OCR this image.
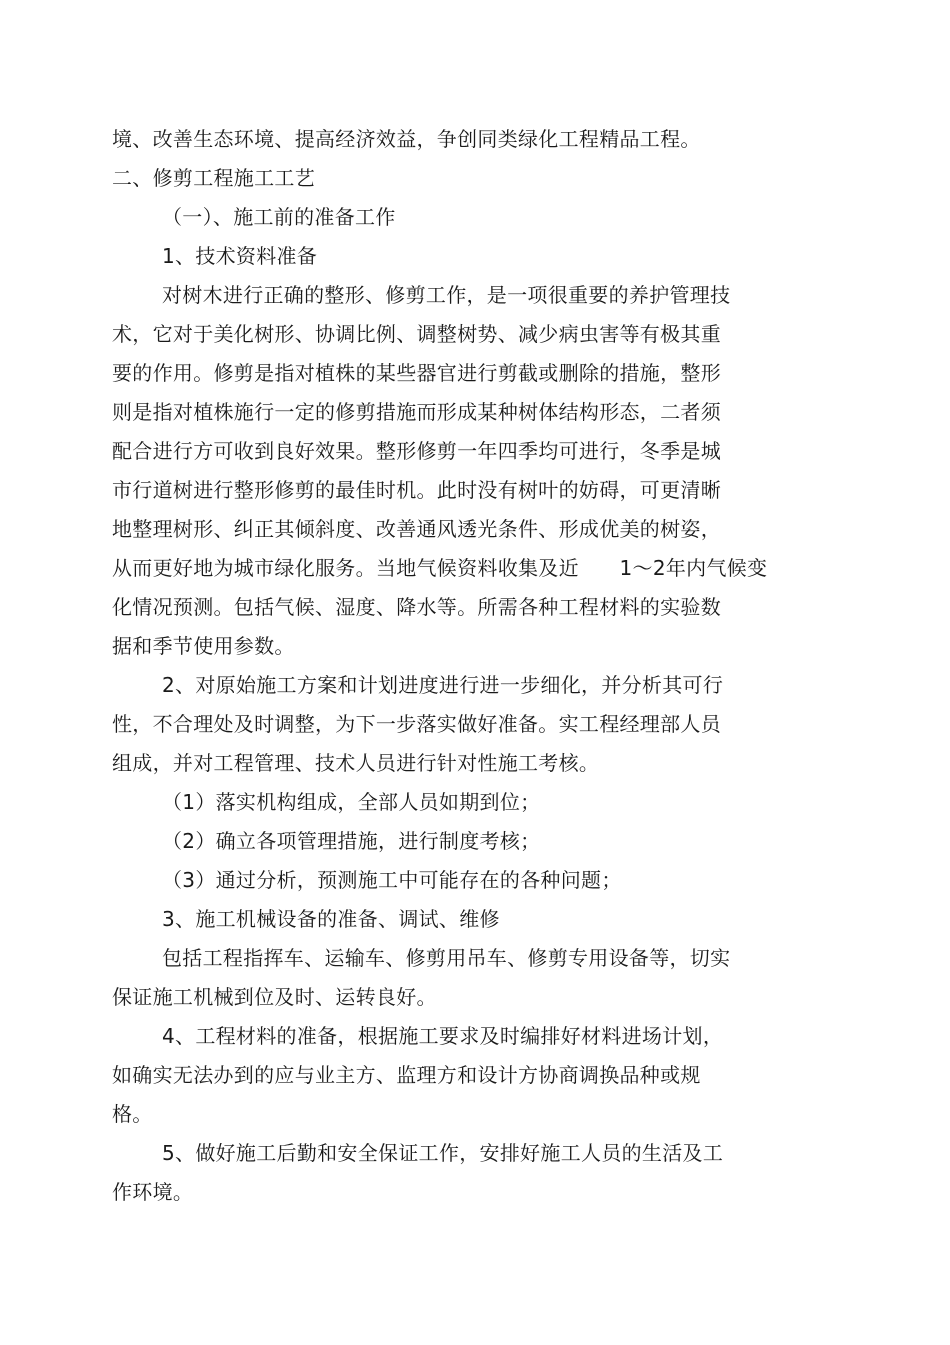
境、改善生态环境、提高经济效益，争创同类绿化工程精品工程。
二、修剪工程施工工艺
（一）、施工前的准备工作
1、技术资料准备
对树木进行正确的整形、修剪工作，是一项很重要的养护管理技
术，它对于美化树形、协调比例、调整树势、减少病虫害等有极其重
要的作用。修剪是指对植株的某些器官进行剪截或删除的措施，整形
则是指对植株施行一定的修剪措施而形成某种树体结构形态，二者须
配合进行方可收到良好效果。整形修剪一年四季均可进行，冬季是城
市行道树进行整形修剪的最佳时机。此时没有树叶的妨碍，可更清晰
地整理树形、纠正其倾斜度、改善通风透光条件、形成优美的树姿，
从而更好地为城市绿化服务。当地气候资料收集及近　　1～2年内气候变
化情况预测。包括气候、湿度、降水等。所需各种工程材料的实验数
据和季节使用参数。
2、对原始施工方案和计划进度进行进一步细化，并分析其可行
性，不合理处及时调整，为下一步落实做好准备。实工程经理部人员
组成，并对工程管理、技术人员进行针对性施工考核。
（1）落实机构组成，全部人员如期到位；
（2）确立各项管理措施，进行制度考核；
（3）通过分析，预测施工中可能存在的各种问题；
3、施工机械设备的准备、调试、维修
包括工程指挥车、运输车、修剪用吊车、修剪专用设备等，切实
保证施工机械到位及时、运转良好。
4、工程材料的准备，根据施工要求及时编排好材料进场计划，
如确实无法办到的应与业主方、监理方和设计方协商调换品种或规
格。
5、做好施工后勤和安全保证工作，安排好施工人员的生活及工
作环境。
